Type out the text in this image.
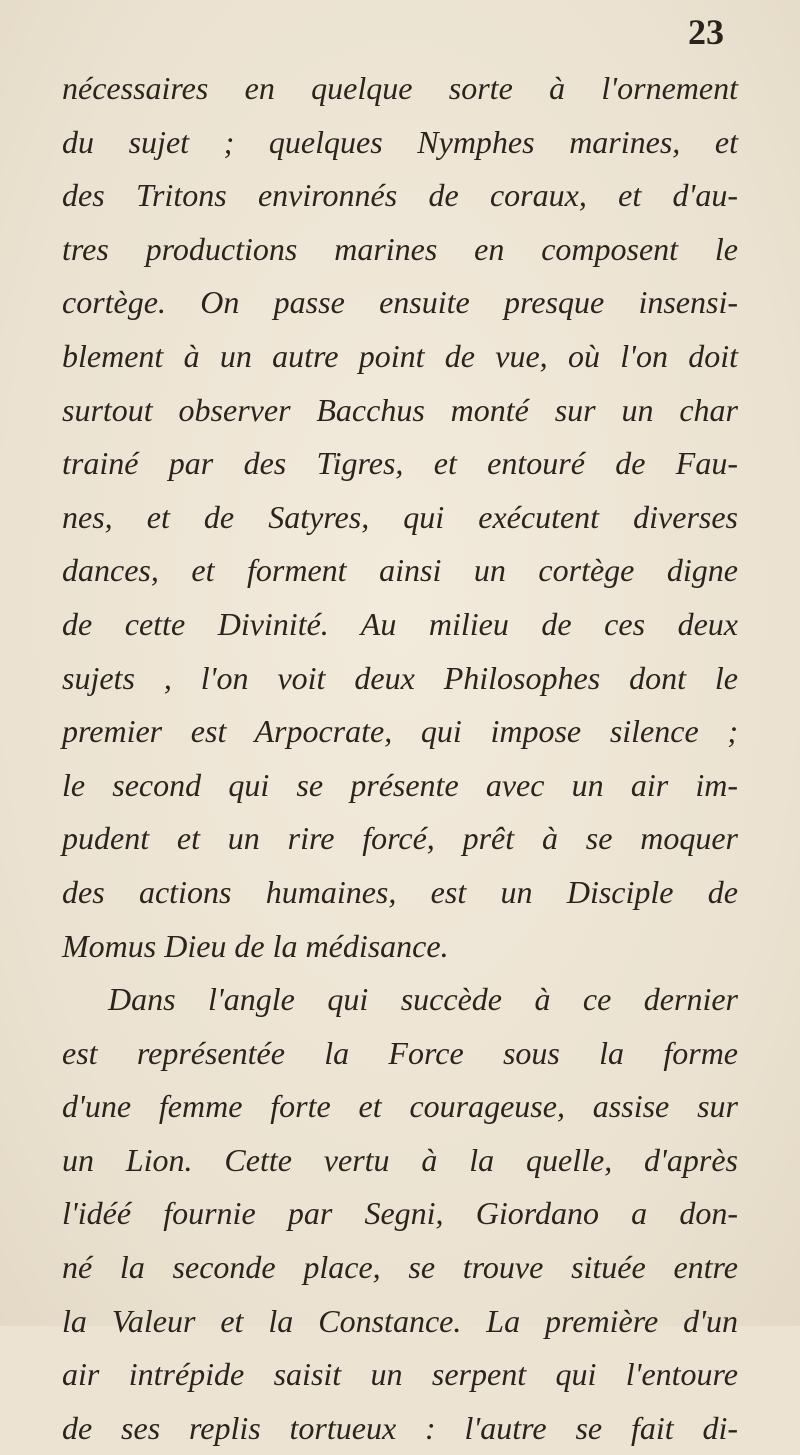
23
nécessaires en quelque sorte à l'ornement
du sujet ; quelques Nymphes marines, et
des Tritons environnés de coraux, et d'au-
tres productions marines en composent le
cortège. On passe ensuite presque insensi-
blement à un autre point de vue, où l'on doit
surtout observer Bacchus monté sur un char
trainé par des Tigres, et entouré de Fau-
nes, et de Satyres, qui exécutent diverses
dances, et forment ainsi un cortège digne
de cette Divinité. Au milieu de ces deux
sujets , l'on voit deux Philosophes dont le
premier est Arpocrate, qui impose silence ;
le second qui se présente avec un air im-
pudent et un rire forcé, prêt à se moquer
des actions humaines, est un Disciple de
Momus Dieu de la médisance.
Dans l'angle qui succède à ce dernier
est représentée la Force sous la forme
d'une femme forte et courageuse, assise sur
un Lion. Cette vertu à la quelle, d'après
l'idéé fournie par Segni, Giordano a don-
né la seconde place, se trouve située entre
la Valeur et la Constance. La première d'un
air intrépide saisit un serpent qui l'entoure
de ses replis tortueux : l'autre se fait di-
